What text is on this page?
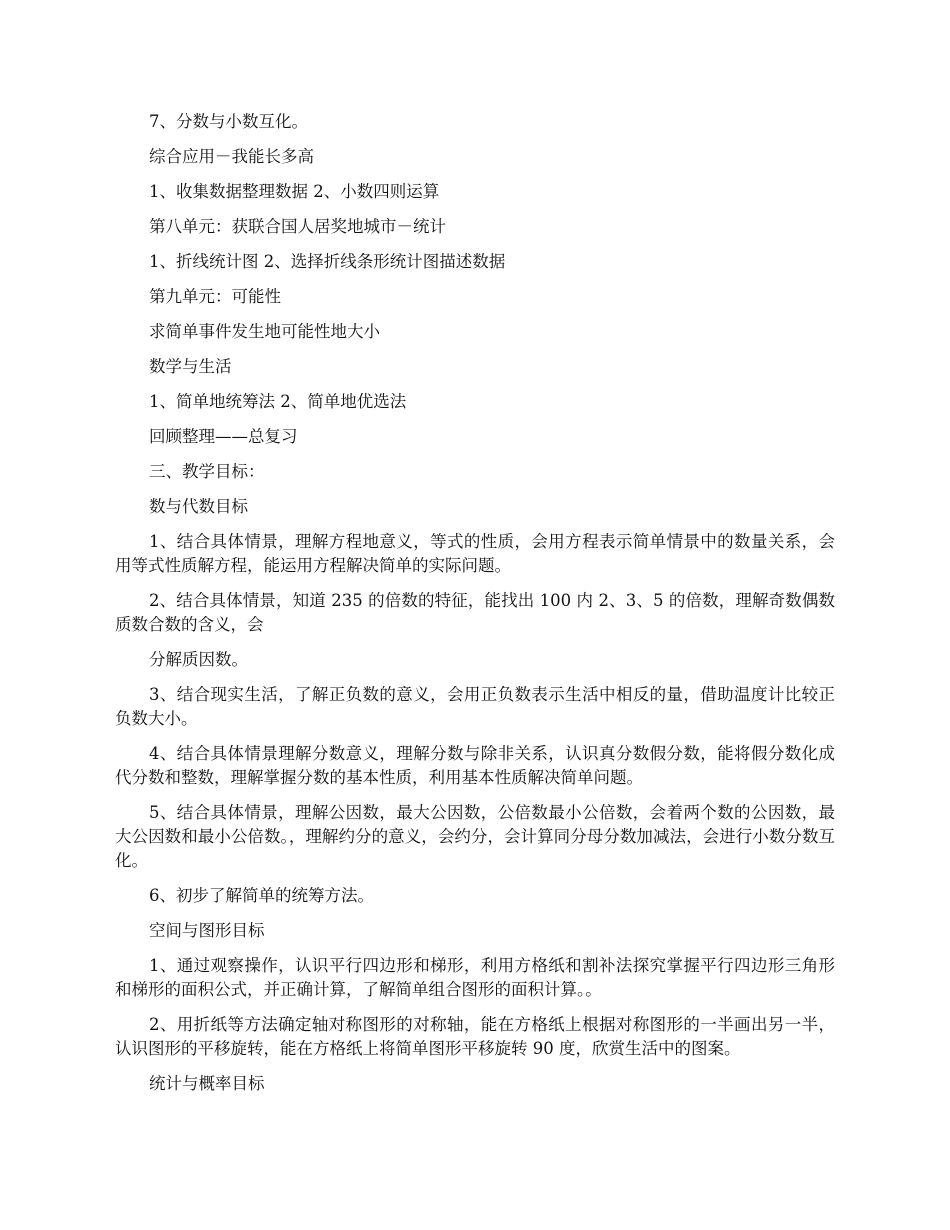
7、分数与小数互化。

综合应用－我能长多高

1、收集数据整理数据 2、小数四则运算

第八单元：获联合国人居奖地城市－统计

1、折线统计图 2、选择折线条形统计图描述数据

第九单元：可能性

求简单事件发生地可能性地大小

数学与生活

1、简单地统筹法 2、简单地优选法

回顾整理——总复习

三、教学目标：

数与代数目标

1、结合具体情景，理解方程地意义，等式的性质，会用方程表示简单情景中的数量关系，会用等式性质解方程，能运用方程解决简单的实际问题。

2、结合具体情景，知道 235 的倍数的特征，能找出 100 内 2、3、5 的倍数，理解奇数偶数质数合数的含义，会

分解质因数。

3、结合现实生活，了解正负数的意义，会用正负数表示生活中相反的量，借助温度计比较正负数大小。

4、结合具体情景理解分数意义，理解分数与除非关系，认识真分数假分数，能将假分数化成代分数和整数，理解掌握分数的基本性质，利用基本性质解决简单问题。

5、结合具体情景，理解公因数，最大公因数，公倍数最小公倍数，会着两个数的公因数，最大公因数和最小公倍数。，理解约分的意义，会约分，会计算同分母分数加减法，会进行小数分数互化。

6、初步了解简单的统筹方法。

空间与图形目标

1、通过观察操作，认识平行四边形和梯形，利用方格纸和割补法探究掌握平行四边形三角形和梯形的面积公式，并正确计算，了解简单组合图形的面积计算。。

2、用折纸等方法确定轴对称图形的对称轴，能在方格纸上根据对称图形的一半画出另一半，认识图形的平移旋转，能在方格纸上将简单图形平移旋转 90 度，欣赏生活中的图案。

统计与概率目标
